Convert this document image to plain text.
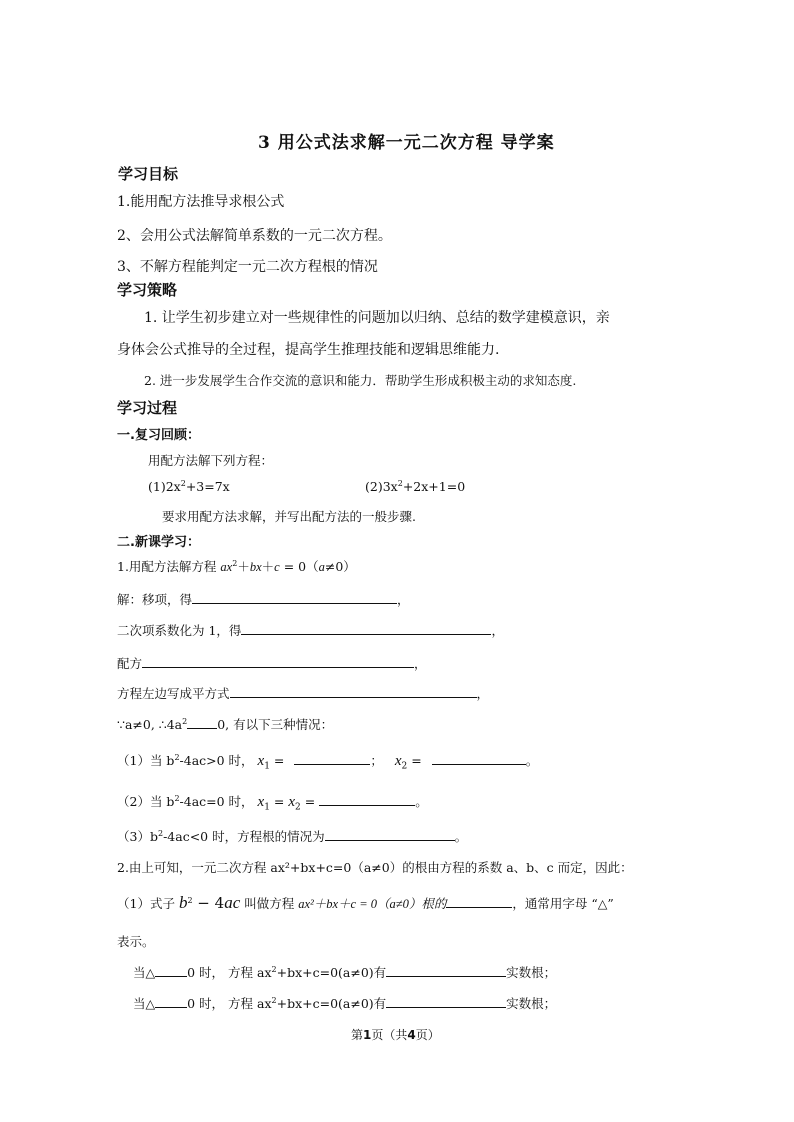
3 用公式法求解一元二次方程 导学案
学习目标
1.能用配方法推导求根公式
2、会用公式法解简单系数的一元二次方程。
3、不解方程能判定一元二次方程根的情况
学习策略
1. 让学生初步建立对一些规律性的问题加以归纳、总结的数学建模意识，亲
身体会公式推导的全过程，提高学生推理技能和逻辑思维能力.
2. 进一步发展学生合作交流的意识和能力．帮助学生形成积极主动的求知态度.
学习过程
一.复习回顾：
用配方法解下列方程：
$(1)2x^2+3=7x$	$(2)3x^2+2x+1=0$
要求用配方法求解，并写出配方法的一般步骤.
二.新课学习：
1.用配方法解方程 $ax^2+bx+c = 0(a\ne 0)$
解：移项，得	，
二次项系数化为 1，得	，
配方	，
方程左边写成平方式	，
∵a≠0, $\therefore 4a^2$ 0, 有以下三种情况：
（1）当 $b^2-4ac>0$ 时， $x_1$ =	； $x_2$ =	。
（2）当 $b^2-4ac=0$ 时， $x_1 = x_2$ =	。
$(3)b^2-4ac<0$ 时，方程根的情况为	。
2.由上可知，一元二次方程 ax²+bx+c=0（a≠0）的根由方程的系数 a、b、c 而定，因此：
（1）式子 $b^2 - 4ac$ 叫做方程 ax²＋bx＋c = 0（a≠0）根的	，通常用字母 “△”
表示。
当△	0 时， 方程 $ax^2+bx+c=0(a\ne 0)$有	实数根；
当△	0 时， 方程 $ax^2+bx+c=0(a\ne 0)$有	实数根；
第1页（共4页）
